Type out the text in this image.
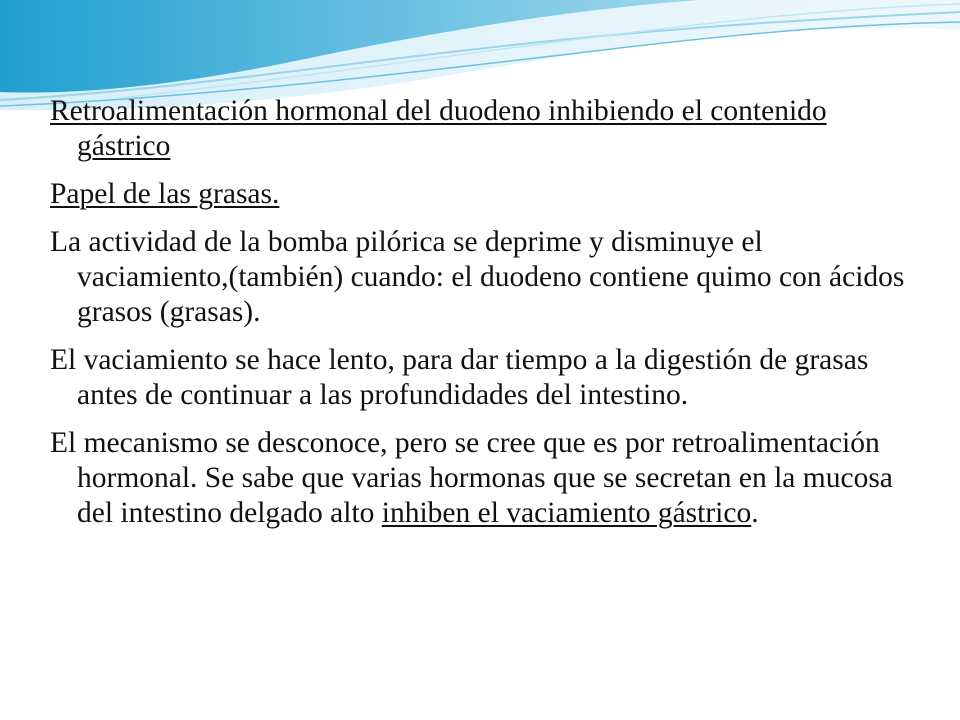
Retroalimentación hormonal del duodeno inhibiendo el contenido gástrico

Papel de las grasas.

La actividad de la bomba pilórica se deprime y disminuye el vaciamiento,(también) cuando: el duodeno contiene quimo con ácidos grasos (grasas).

El vaciamiento se hace lento, para dar tiempo a la digestión de grasas antes de continuar a las profundidades del intestino.

El mecanismo se desconoce, pero se cree que es por retroalimentación hormonal. Se sabe que varias hormonas que se secretan en la mucosa del intestino delgado alto inhiben el vaciamiento gástrico.
